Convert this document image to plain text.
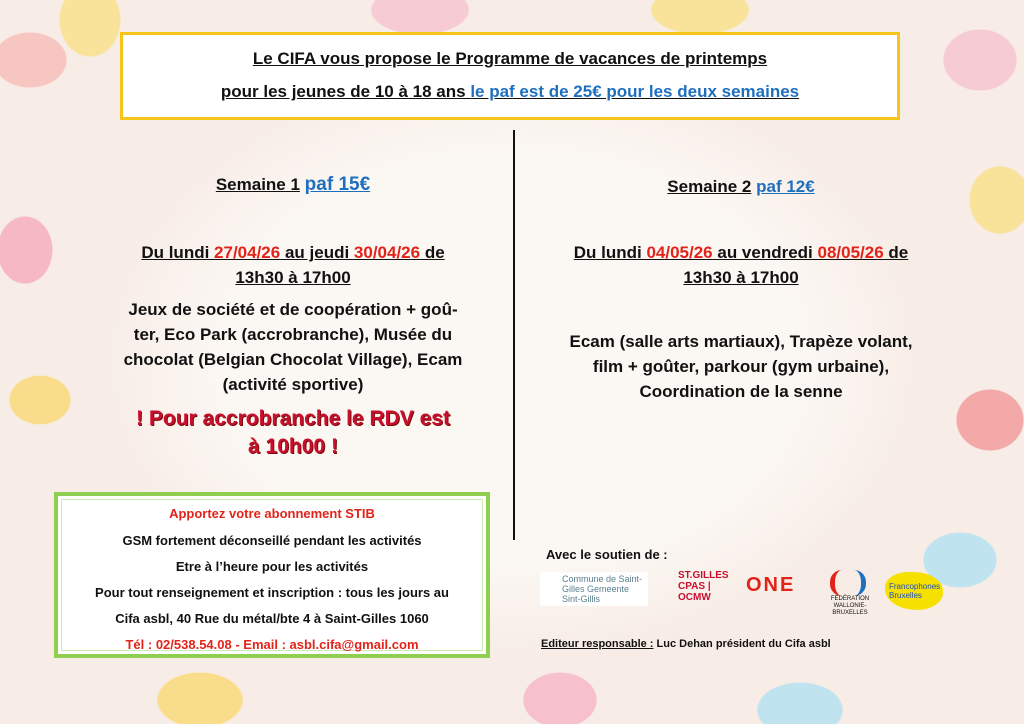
Le CIFA vous propose le Programme de vacances de printemps
pour les jeunes de 10 à 18 ans le paf est de 25€ pour les deux semaines
Semaine 1 paf 15€
Du lundi 27/04/26 au jeudi 30/04/26 de
13h30 à 17h00
Jeux de société et de coopération + goû-
ter, Eco Park (accrobranche), Musée du
chocolat (Belgian Chocolat Village), Ecam
(activité sportive)
! Pour accrobranche le RDV est
à 10h00 !
Semaine 2 paf 12€
Du lundi 04/05/26 au vendredi 08/05/26 de
13h30 à 17h00
Ecam (salle arts martiaux), Trapèze volant,
film + goûter, parkour (gym urbaine),
Coordination de la senne
Apportez votre abonnement STIB
GSM fortement déconseillé pendant les activités
Etre à l’heure pour les activités
Pour tout renseignement et inscription : tous les jours au
Cifa asbl, 40 Rue du métal/bte 4 à Saint-Gilles 1060
Tél : 02/538.54.08 - Email : asbl.cifa@gmail.com
Avec le soutien de :
Commune de Saint-Gilles Gemeente Sint-Gillis
ST.GILLES CPAS | OCMW
ONE
FÉDÉRATION WALLONIE-BRUXELLES
Francophones Bruxelles
Editeur responsable : Luc Dehan président du Cifa asbl
